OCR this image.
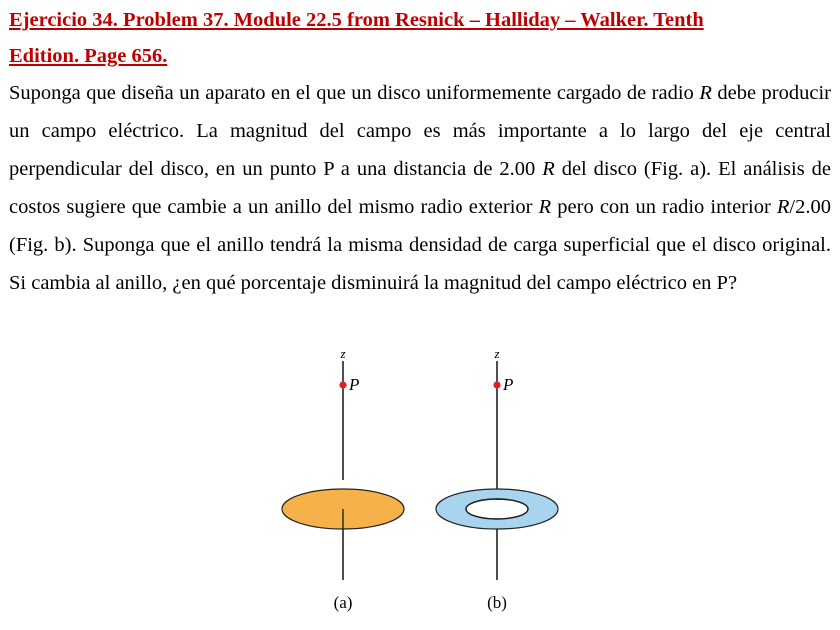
Ejercicio 34. Problem 37. Module 22.5 from Resnick – Halliday – Walker. Tenth
Edition. Page 656.
Suponga que diseña un aparato en el que un disco uniformemente cargado de radio R debe producir un campo eléctrico. La magnitud del campo es más importante a lo largo del eje central perpendicular del disco, en un punto P a una distancia de 2.00 R del disco (Fig. a). El análisis de costos sugiere que cambie a un anillo del mismo radio exterior R pero con un radio interior R/2.00 (Fig. b). Suponga que el anillo tendrá la misma densidad de carga superficial que el disco original. Si cambia al anillo, ¿en qué porcentaje disminuirá la magnitud del campo eléctrico en P?
z
P
(a)
z
P
(b)
